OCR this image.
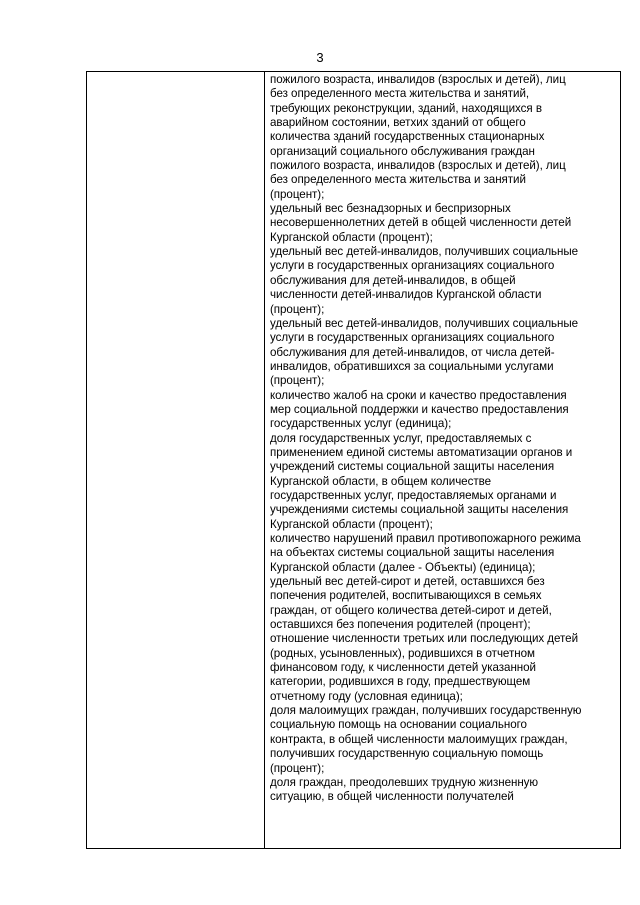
3
пожилого возраста, инвалидов (взрослых и детей), лиц
без определенного места жительства и занятий,
требующих реконструкции, зданий, находящихся в
аварийном состоянии, ветхих зданий от общего
количества зданий государственных стационарных
организаций социального обслуживания граждан
пожилого возраста, инвалидов (взрослых и детей), лиц
без определенного места жительства и занятий
(процент);
удельный вес безнадзорных и беспризорных
несовершеннолетних детей в общей численности детей
Курганской области (процент);
удельный вес детей-инвалидов, получивших социальные
услуги в государственных организациях социального
обслуживания для детей-инвалидов, в общей
численности детей-инвалидов Курганской области
(процент);
удельный вес детей-инвалидов, получивших социальные
услуги в государственных организациях социального
обслуживания для детей-инвалидов, от числа детей-
инвалидов, обратившихся за социальными услугами
(процент);
количество жалоб на сроки и качество предоставления
мер социальной поддержки и качество предоставления
государственных услуг (единица);
доля государственных услуг, предоставляемых с
применением единой системы автоматизации органов и
учреждений системы социальной защиты населения
Курганской области, в общем количестве
государственных услуг, предоставляемых органами и
учреждениями системы социальной защиты населения
Курганской области (процент);
количество нарушений правил противопожарного режима
на объектах системы социальной защиты населения
Курганской области (далее - Объекты) (единица);
удельный вес детей-сирот и детей, оставшихся без
попечения родителей, воспитывающихся в семьях
граждан, от общего количества детей-сирот и детей,
оставшихся без попечения родителей (процент);
отношение численности третьих или последующих детей
(родных, усыновленных), родившихся в отчетном
финансовом году, к численности детей указанной
категории, родившихся в году, предшествующем
отчетному году (условная единица);
доля малоимущих граждан, получивших государственную
социальную помощь на основании социального
контракта, в общей численности малоимущих граждан,
получивших государственную социальную помощь
(процент);
доля граждан, преодолевших трудную жизненную
ситуацию, в общей численности получателей
